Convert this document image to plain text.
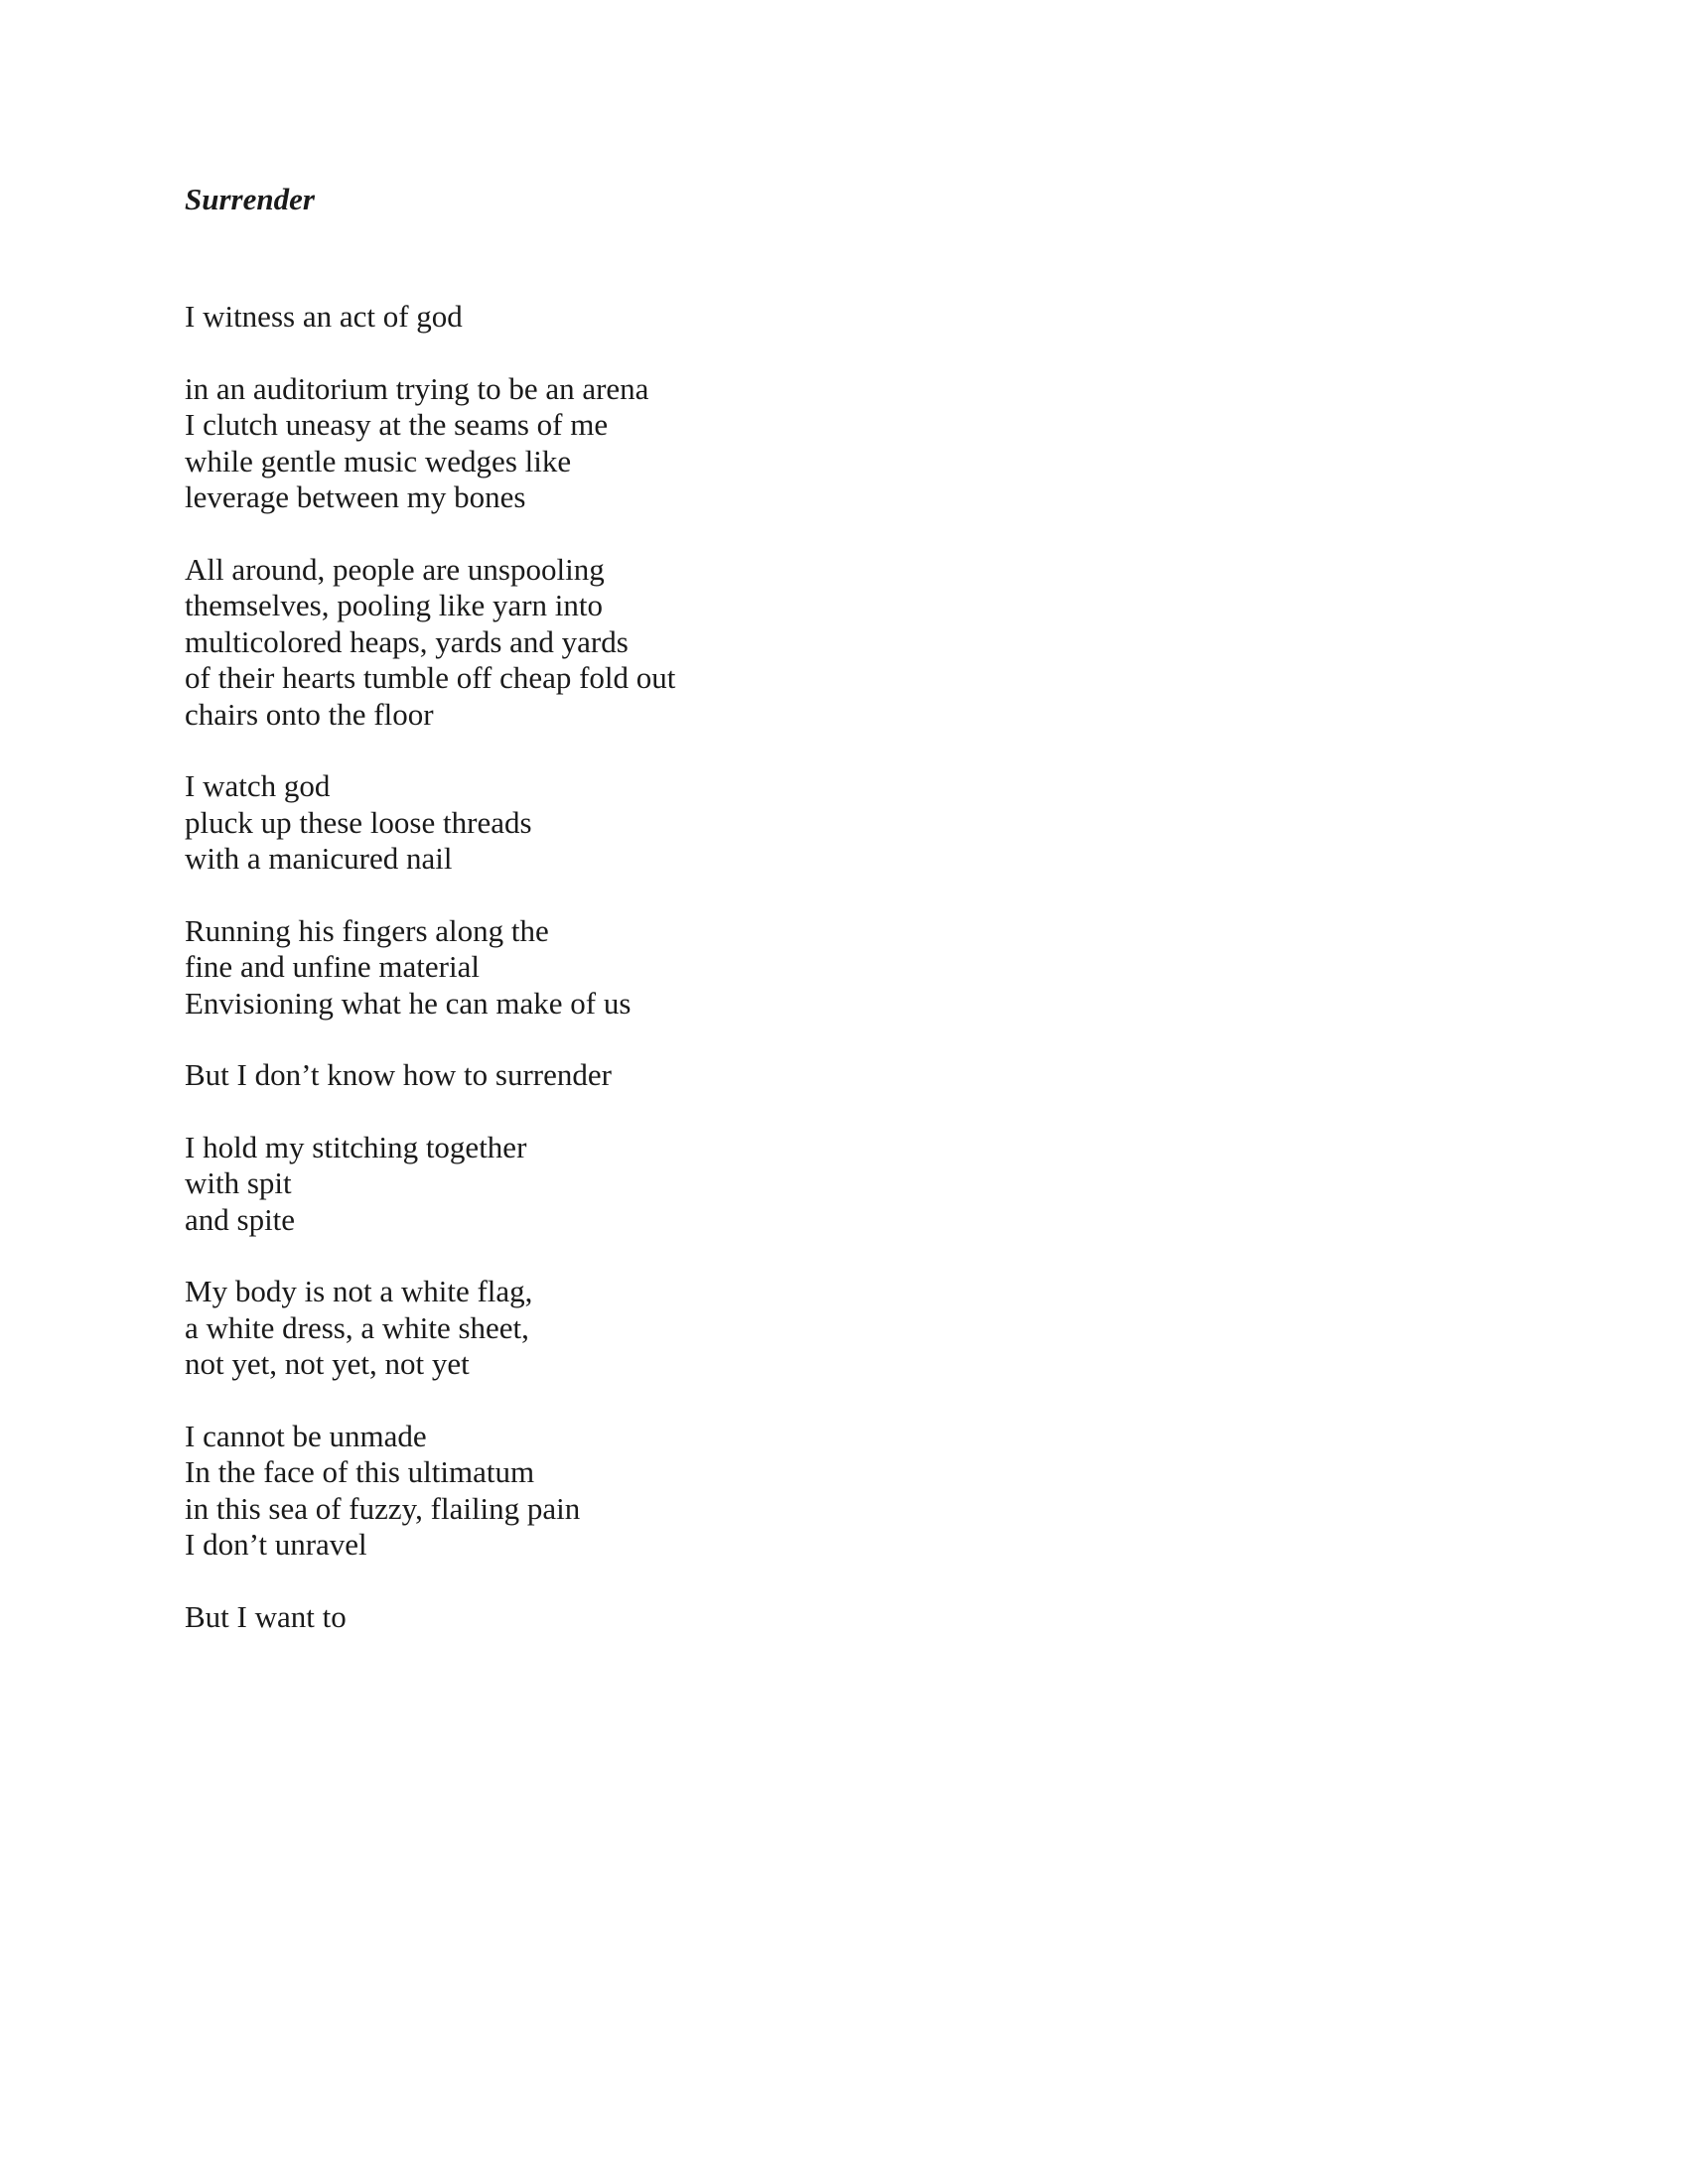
Surrender
I witness an act of god
in an auditorium trying to be an arena
I clutch uneasy at the seams of me
while gentle music wedges like
leverage between my bones
All around, people are unspooling
themselves, pooling like yarn into
multicolored heaps, yards and yards
of their hearts tumble off cheap fold out
chairs onto the floor
I watch god
pluck up these loose threads
with a manicured nail
Running his fingers along the
fine and unfine material
Envisioning what he can make of us
But I don’t know how to surrender
I hold my stitching together
with spit
and spite
My body is not a white flag,
a white dress, a white sheet,
not yet, not yet, not yet
I cannot be unmade
In the face of this ultimatum
in this sea of fuzzy, flailing pain
I don’t unravel
But I want to
